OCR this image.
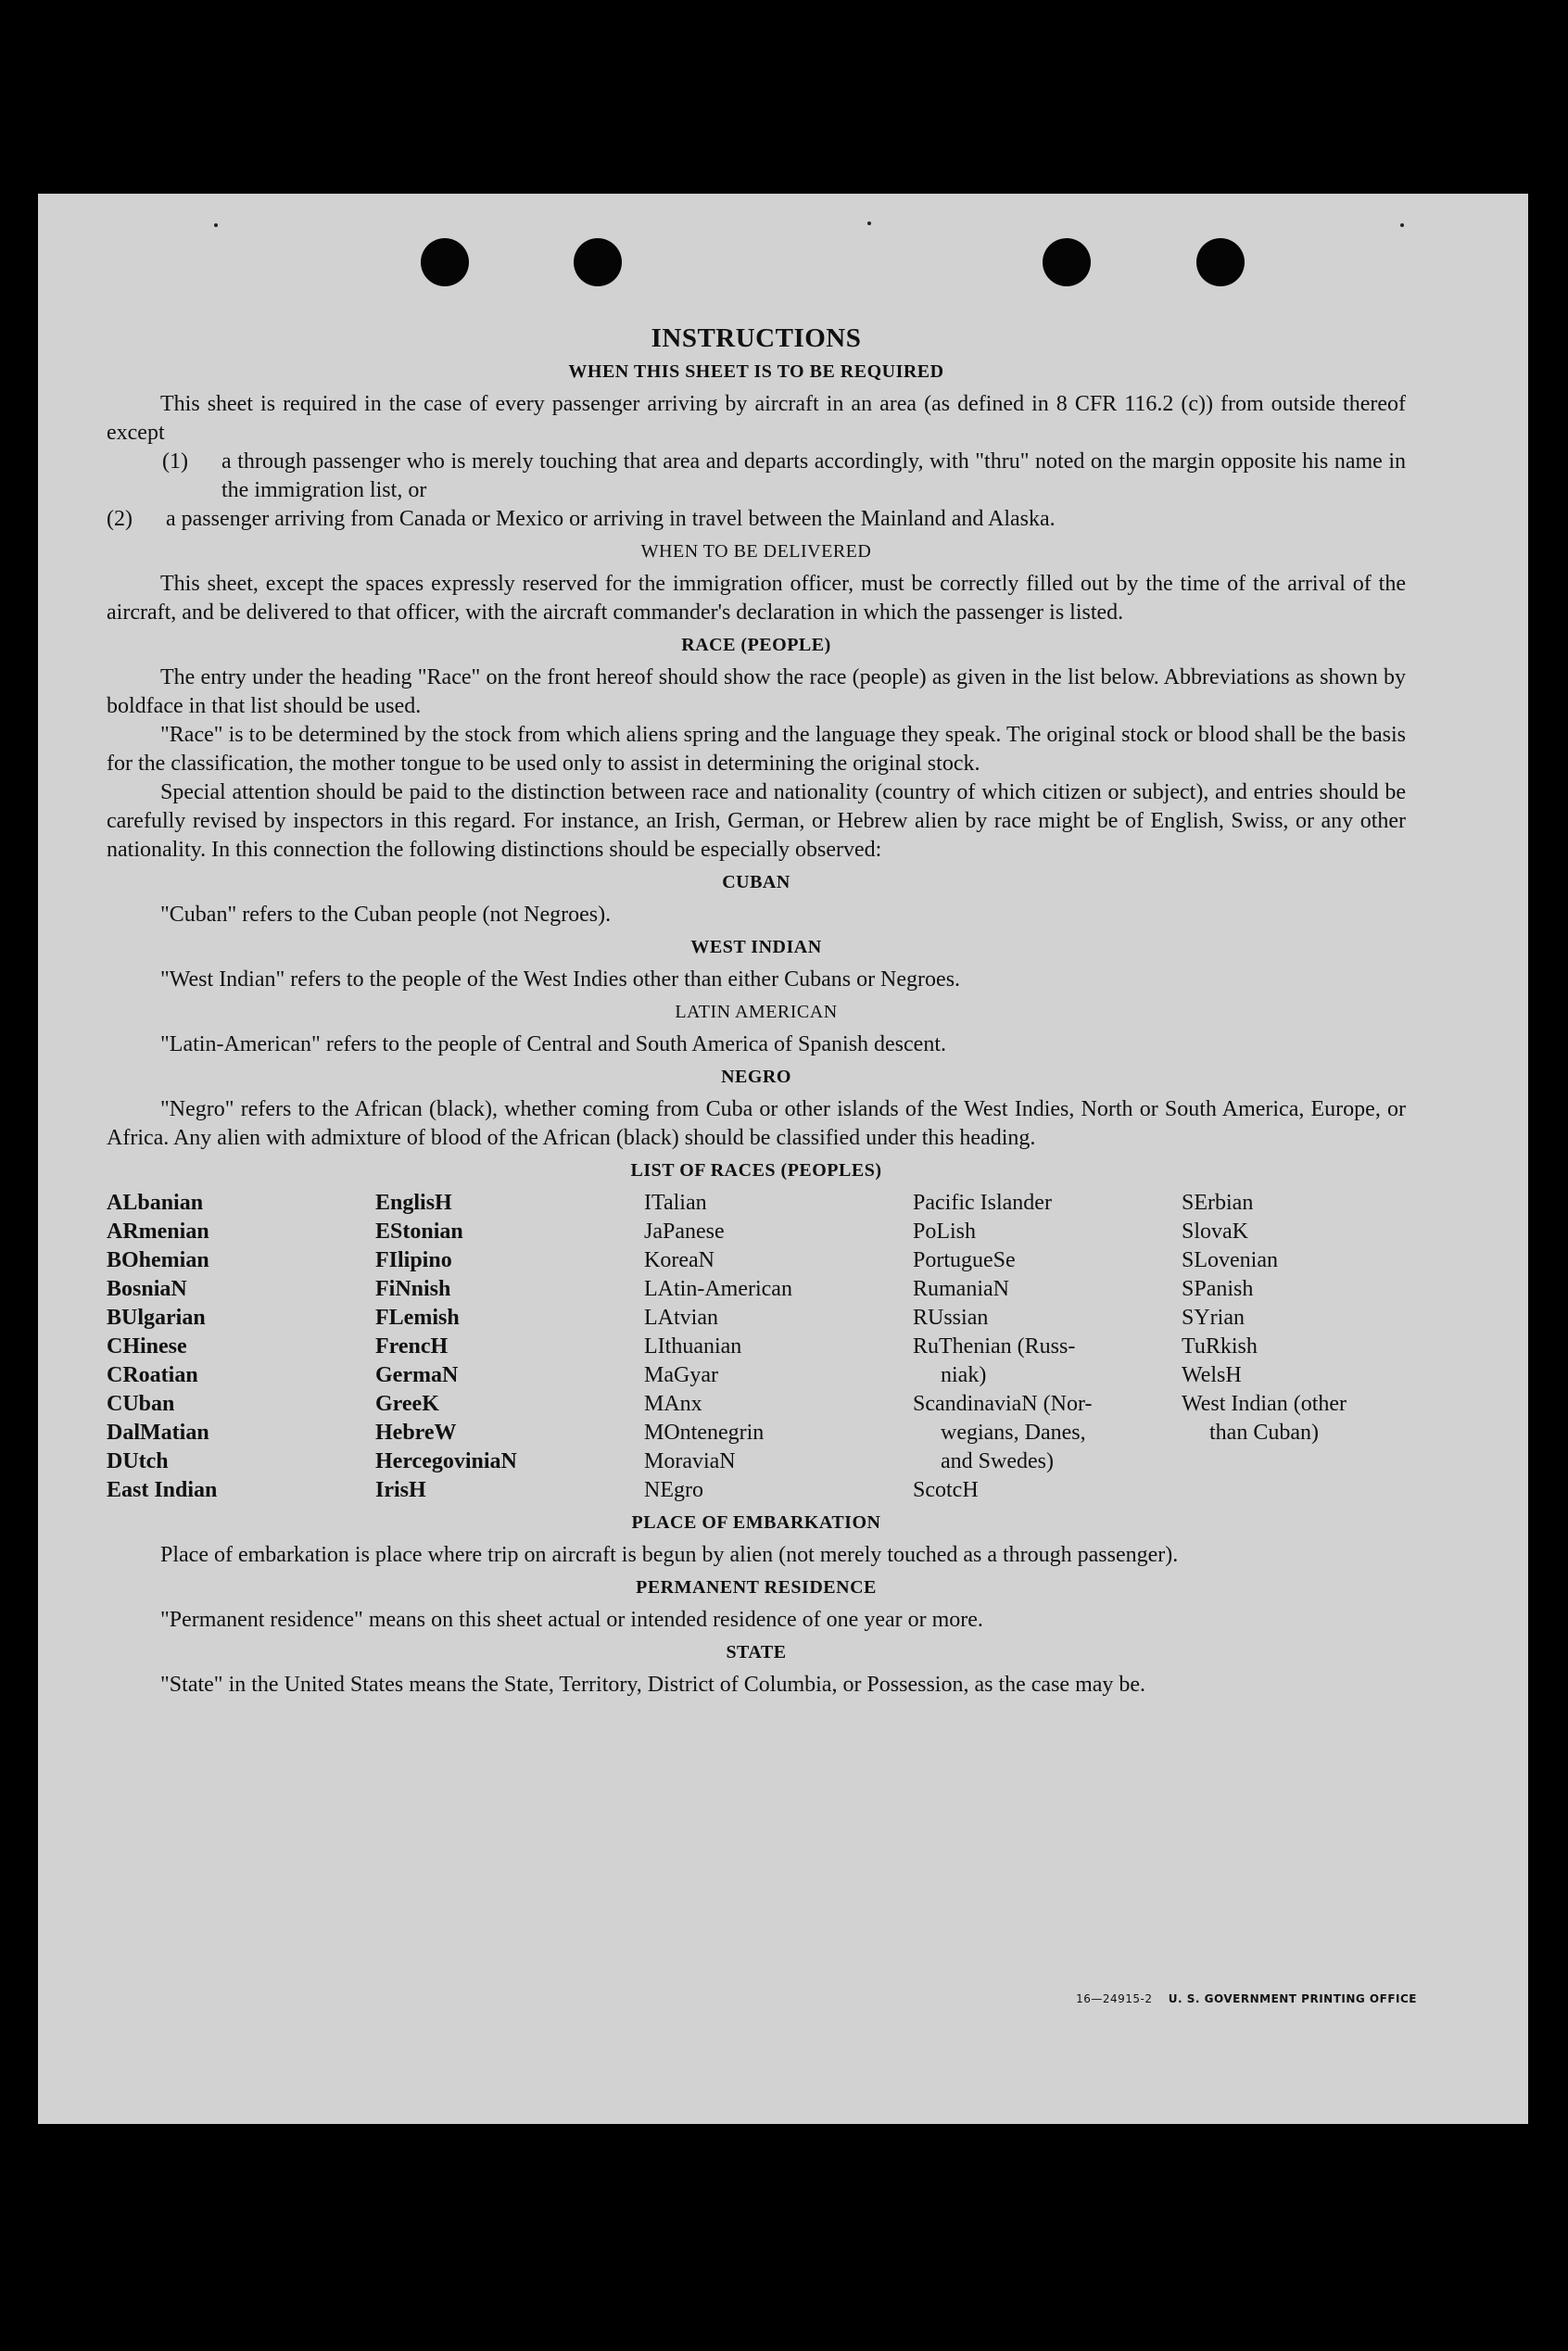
INSTRUCTIONS
WHEN THIS SHEET IS TO BE REQUIRED

This sheet is required in the case of every passenger arriving by aircraft in an area (as defined in 8 CFR 116.2 (c)) from outside thereof except

(1)	a through passenger who is merely touching that area and departs accordingly, with "thru" noted on the margin opposite his name in the immigration list, or
(2)	a passenger arriving from Canada or Mexico or arriving in travel between the Mainland and Alaska.
WHEN TO BE DELIVERED

This sheet, except the spaces expressly reserved for the immigration officer, must be correctly filled out by the time of the arrival of the aircraft, and be delivered to that officer, with the aircraft commander's declaration in which the passenger is listed.

RACE (PEOPLE)

The entry under the heading "Race" on the front hereof should show the race (people) as given in the list below. Abbreviations as shown by boldface in that list should be used.

"Race" is to be determined by the stock from which aliens spring and the language they speak. The original stock or blood shall be the basis for the classification, the mother tongue to be used only to assist in determining the original stock.

Special attention should be paid to the distinction between race and nationality (country of which citizen or subject), and entries should be carefully revised by inspectors in this regard. For instance, an Irish, German, or Hebrew alien by race might be of English, Swiss, or any other nationality. In this connection the following distinctions should be especially observed:

CUBAN

"Cuban" refers to the Cuban people (not Negroes).

WEST INDIAN

"West Indian" refers to the people of the West Indies other than either Cubans or Negroes.

LATIN AMERICAN

"Latin-American" refers to the people of Central and South America of Spanish descent.

NEGRO

"Negro" refers to the African (black), whether coming from Cuba or other islands of the West Indies, North or South America, Europe, or Africa. Any alien with admixture of blood of the African (black) should be classified under this heading.

LIST OF RACES (PEOPLES)
ALbanian
ARmenian
BOhemian
BosniaN
BUlgarian
CHinese
CRoatian
CUban
DalMatian
DUtch
East Indian
EnglisH
EStonian
FIlipino
FiNnish
FLemish
FrencH
GermaN
GreeK
HebreW
HercegoviniaN
IrisH
ITalian
JaPanese
KoreaN
LAtin-American
LAtvian
LIthuanian
MaGyar
MAnx
MOntenegrin
MoraviaN
NEgro
Pacific Islander
PoLish
PortugueSe
RumaniaN
RUssian
RuThenian (Russ-
niak)
ScandinaviaN (Nor-
wegians, Danes,
and Swedes)
ScotcH
SErbian
SlovaK
SLovenian
SPanish
SYrian
TuRkish
WelsH
West Indian (other
than Cuban)
PLACE OF EMBARKATION

Place of embarkation is place where trip on aircraft is begun by alien (not merely touched as a through passenger).

PERMANENT RESIDENCE

"Permanent residence" means on this sheet actual or intended residence of one year or more.

STATE

"State" in the United States means the State, Territory, District of Columbia, or Possession, as the case may be.

16—24915-2 U. S. GOVERNMENT PRINTING OFFICE
